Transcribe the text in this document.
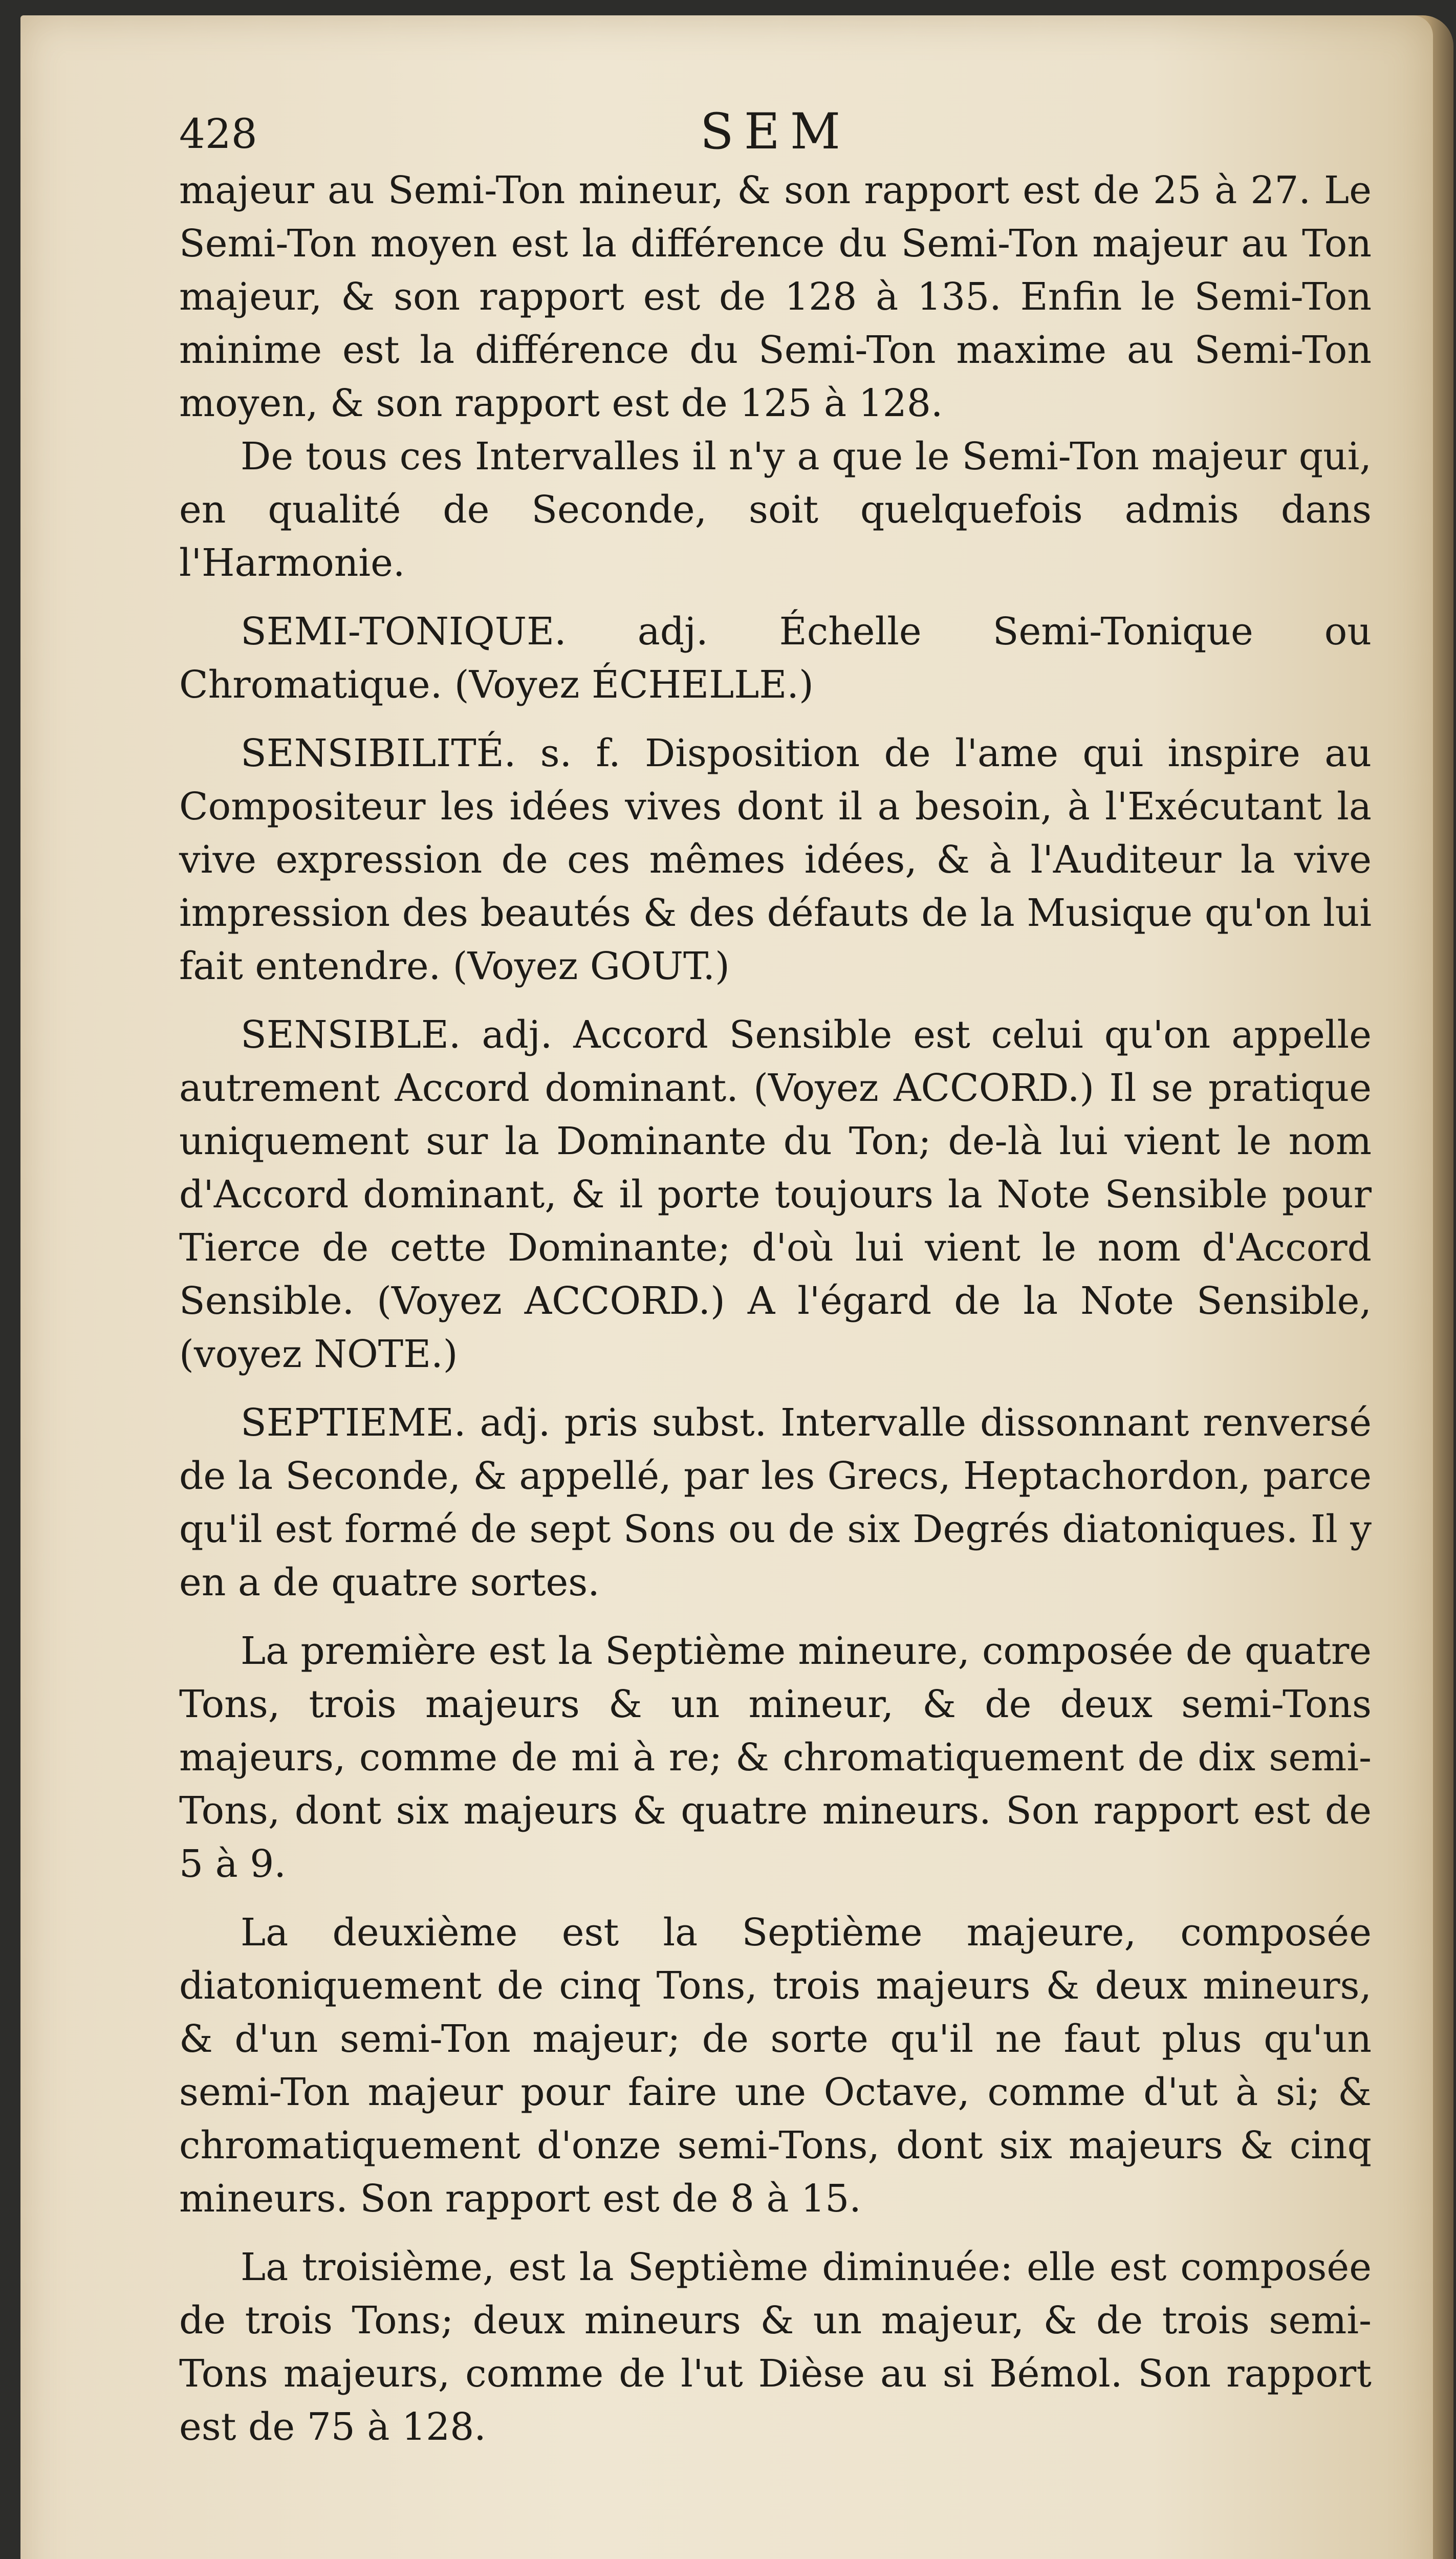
428	SEM

majeur au Semi-Ton mineur, & son rapport est de 25 à 27. Le Semi-Ton moyen est la différence du Semi-Ton majeur au Ton majeur, & son rapport est de 128 à 135. Enfin le Semi-Ton minime est la différence du Semi-Ton maxime au Semi-Ton moyen, & son rapport est de 125 à 128.

De tous ces Intervalles il n'y a que le Semi-Ton majeur qui, en qualité de Seconde, soit quelquefois admis dans l'Harmonie.

SEMI-TONIQUE. adj. Échelle Semi-Tonique ou Chromatique. (Voyez ÉCHELLE.)

SENSIBILITÉ. s. f. Disposition de l'ame qui inspire au Compositeur les idées vives dont il a besoin, à l'Exécutant la vive expression de ces mêmes idées, & à l'Auditeur la vive impression des beautés & des défauts de la Musique qu'on lui fait entendre. (Voyez GOUT.)

SENSIBLE. adj. Accord Sensible est celui qu'on appelle autrement Accord dominant. (Voyez ACCORD.) Il se pratique uniquement sur la Dominante du Ton; de-là lui vient le nom d'Accord dominant, & il porte toujours la Note Sensible pour Tierce de cette Dominante; d'où lui vient le nom d'Accord Sensible. (Voyez ACCORD.) A l'égard de la Note Sensible, (voyez NOTE.)

SEPTIEME. adj. pris subst. Intervalle dissonnant renversé de la Seconde, & appellé, par les Grecs, Heptachordon, parce qu'il est formé de sept Sons ou de six Degrés diatoniques. Il y en a de quatre sortes.

La première est la Septième mineure, composée de quatre Tons, trois majeurs & un mineur, & de deux semi-Tons majeurs, comme de mi à re; & chromatiquement de dix semi-Tons, dont six majeurs & quatre mineurs. Son rapport est de 5 à 9.

La deuxième est la Septième majeure, composée diatoniquement de cinq Tons, trois majeurs & deux mineurs, & d'un semi-Ton majeur; de sorte qu'il ne faut plus qu'un semi-Ton majeur pour faire une Octave, comme d'ut à si; & chromatiquement d'onze semi-Tons, dont six majeurs & cinq mineurs. Son rapport est de 8 à 15.

La troisième, est la Septième diminuée: elle est composée de trois Tons; deux mineurs & un majeur, & de trois semi-Tons majeurs, comme de l'ut Dièse au si Bémol. Son rapport est de 75 à 128.
